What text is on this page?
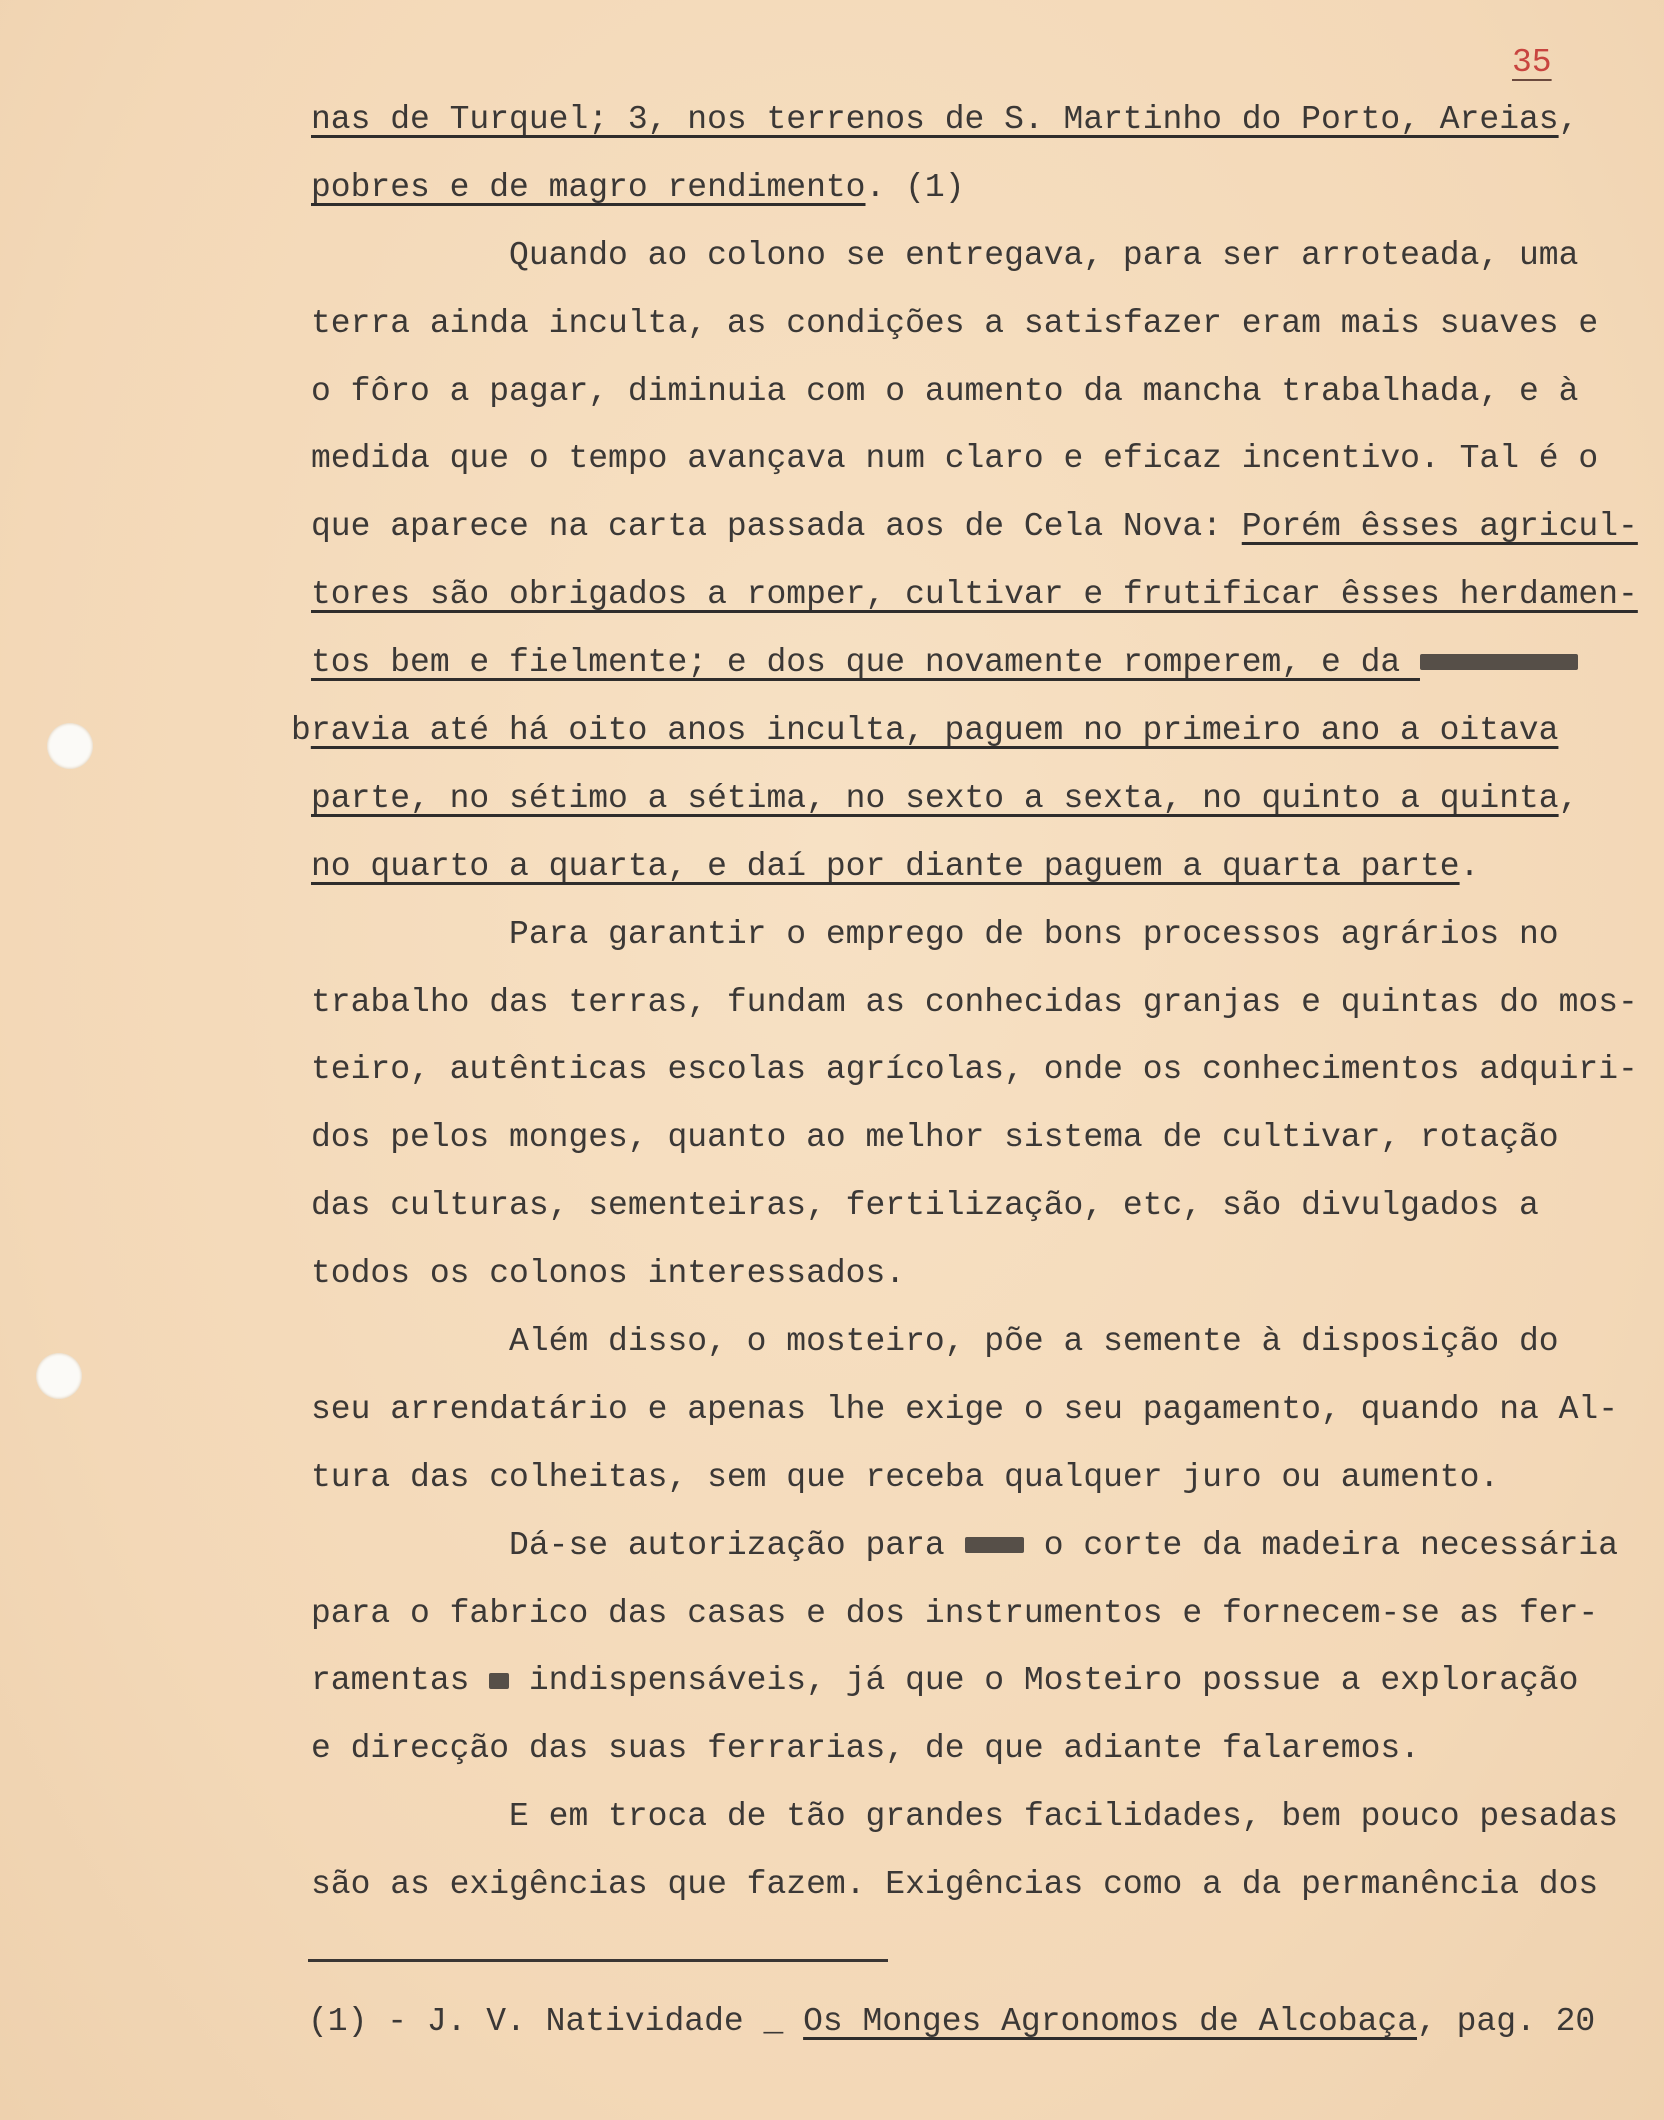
35
nas de Turquel; 3, nos terrenos de S. Martinho do Porto, Areias,
pobres e de magro rendimento. (1)
Quando ao colono se entregava, para ser arroteada, uma
terra ainda inculta, as condições a satisfazer eram mais suaves e
o fôro a pagar, diminuia com o aumento da mancha trabalhada, e à
medida que o tempo avançava num claro e eficaz incentivo. Tal é o
que aparece na carta passada aos de Cela Nova: Porém êsses agricul-
tores são obrigados a romper, cultivar e frutificar êsses herdamen-
tos bem e fielmente; e dos que novamente romperem, e da
bravia até há oito anos inculta, paguem no primeiro ano a oitava
parte, no sétimo a sétima, no sexto a sexta, no quinto a quinta,
no quarto a quarta, e daí por diante paguem a quarta parte.
Para garantir o emprego de bons processos agrários no
trabalho das terras, fundam as conhecidas granjas e quintas do mos-
teiro, autênticas escolas agrícolas, onde os conhecimentos adquiri-
dos pelos monges, quanto ao melhor sistema de cultivar, rotação
das culturas, sementeiras, fertilização, etc, são divulgados a
todos os colonos interessados.
Além disso, o mosteiro, põe a semente à disposição do
seu arrendatário e apenas lhe exige o seu pagamento, quando na Al-
tura das colheitas, sem que receba qualquer juro ou aumento.
Dá-se autorização para  o corte da madeira necessária
para o fabrico das casas e dos instrumentos e fornecem-se as fer-
ramentas  indispensáveis, já que o Mosteiro possue a exploração
e direcção das suas ferrarias, de que adiante falaremos.
E em troca de tão grandes facilidades, bem pouco pesadas
são as exigências que fazem. Exigências como a da permanência dos
(1) - J. V. Natividade _ Os Monges Agronomos de Alcobaça, pag. 20
